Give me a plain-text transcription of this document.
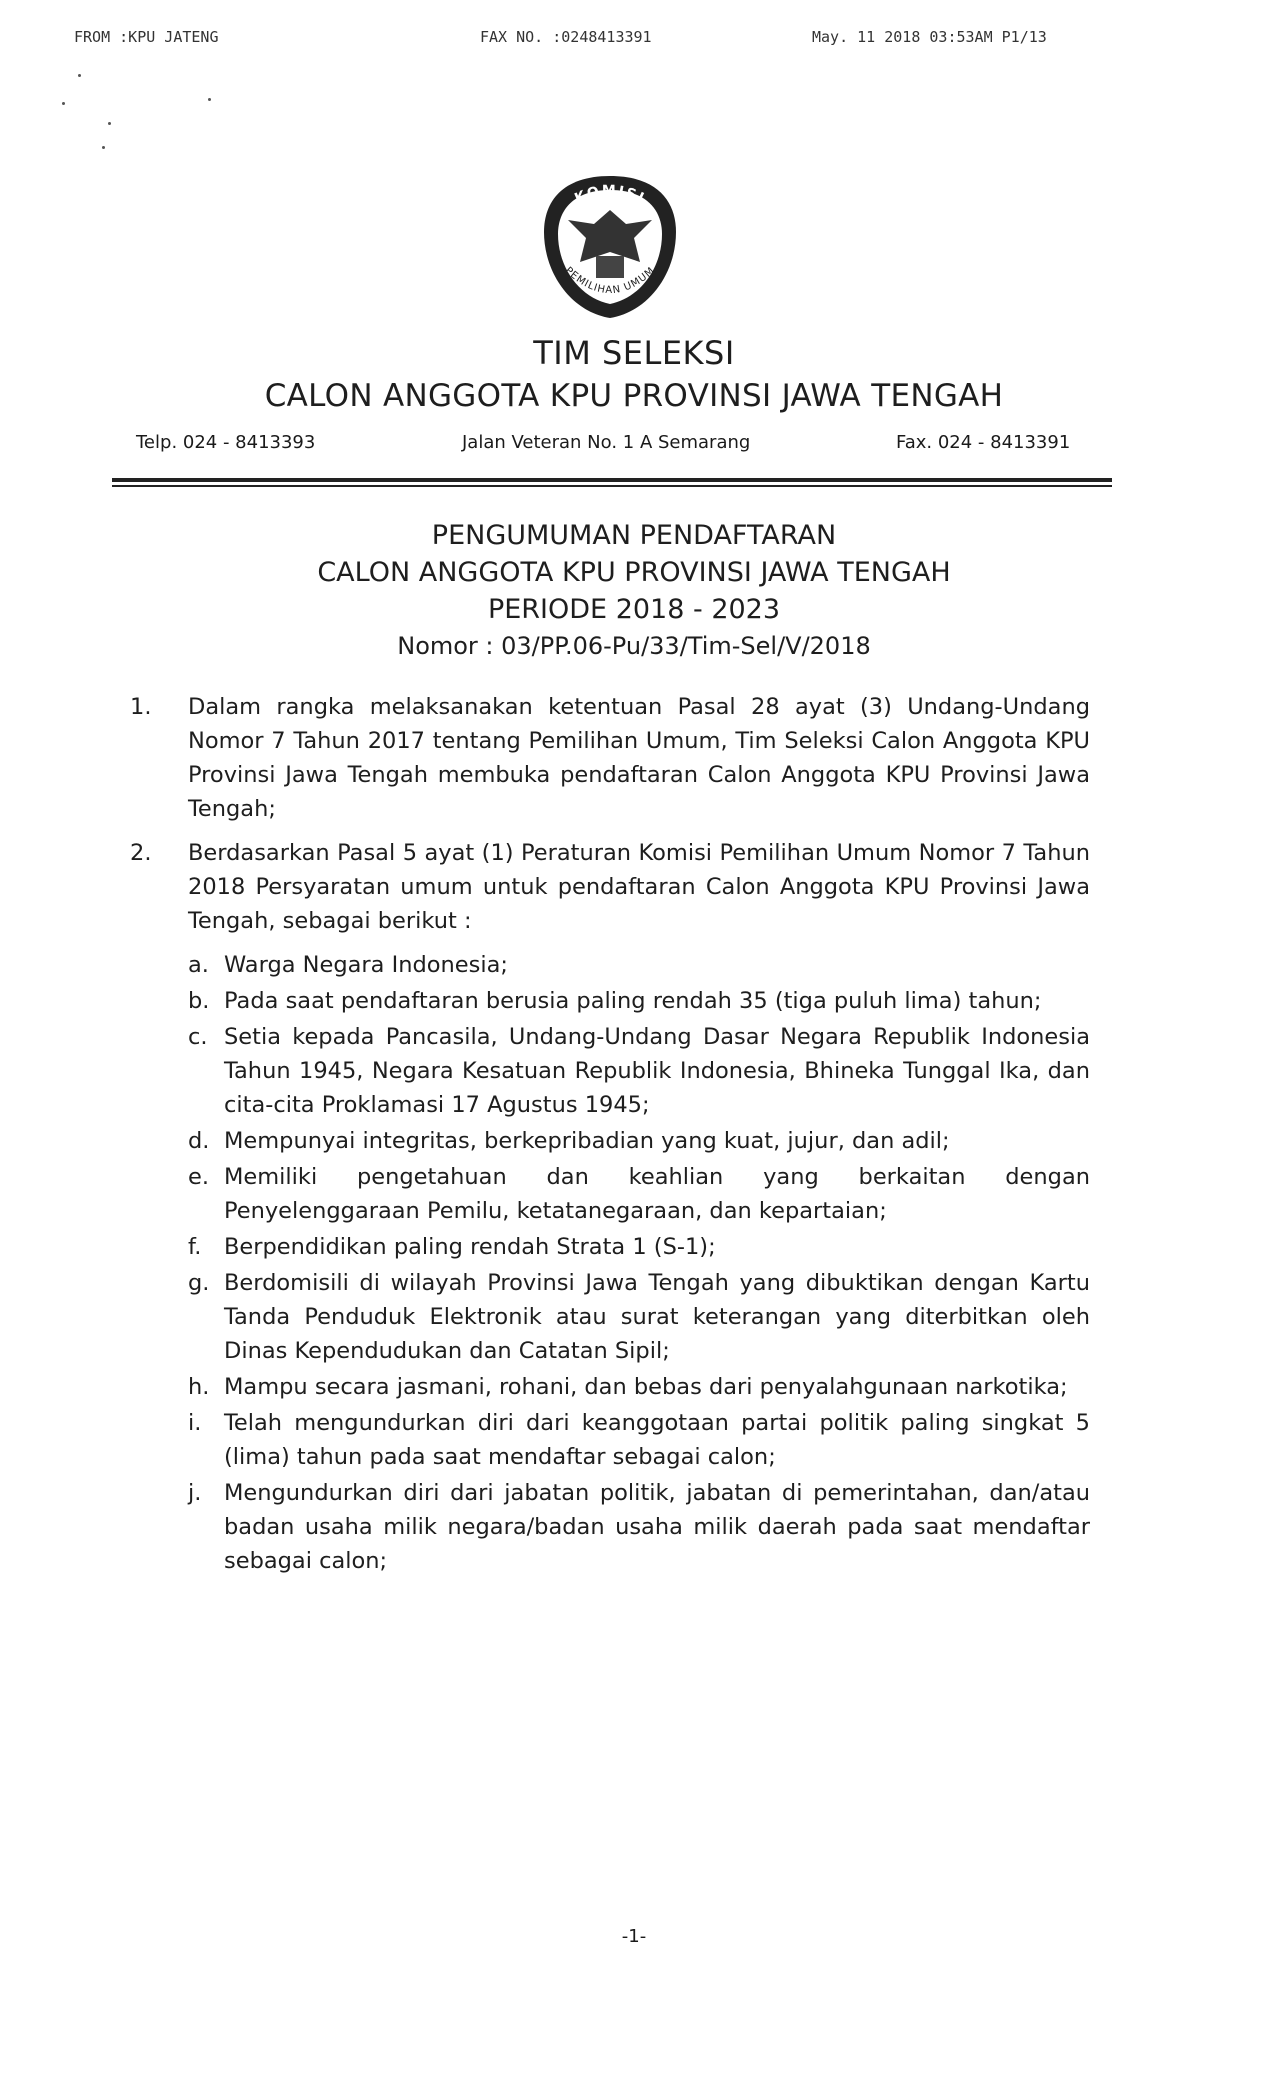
FROM :KPU JATENG	FAX NO. :0248413391	May. 11 2018 03:53AM P1/13
KOMISI
PEMILIHAN UMUM
TIM SELEKSI
CALON ANGGOTA KPU PROVINSI JAWA TENGAH
Telp. 024 - 8413393	Jalan Veteran No. 1 A Semarang	Fax. 024 - 8413391
PENGUMUMAN PENDAFTARAN
CALON ANGGOTA KPU PROVINSI JAWA TENGAH
PERIODE 2018 - 2023
Nomor : 03/PP.06-Pu/33/Tim-Sel/V/2018
1.	Dalam rangka melaksanakan ketentuan Pasal 28 ayat (3) Undang-Undang Nomor 7 Tahun 2017 tentang Pemilihan Umum, Tim Seleksi Calon Anggota KPU Provinsi Jawa Tengah membuka pendaftaran Calon Anggota KPU Provinsi Jawa Tengah;
2.	Berdasarkan Pasal 5 ayat (1) Peraturan Komisi Pemilihan Umum Nomor 7 Tahun 2018 Persyaratan umum untuk pendaftaran Calon Anggota KPU Provinsi Jawa Tengah, sebagai berikut :
a. Warga Negara Indonesia;
b. Pada saat pendaftaran berusia paling rendah 35 (tiga puluh lima) tahun;
c. Setia kepada Pancasila, Undang-Undang Dasar Negara Republik Indonesia Tahun 1945, Negara Kesatuan Republik Indonesia, Bhineka Tunggal Ika, dan cita-cita Proklamasi 17 Agustus 1945;
d. Mempunyai integritas, berkepribadian yang kuat, jujur, dan adil;
e. Memiliki pengetahuan dan keahlian yang berkaitan dengan Penyelenggaraan Pemilu, ketatanegaraan, dan kepartaian;
f.	Berpendidikan paling rendah Strata 1 (S-1);
g. Berdomisili di wilayah Provinsi Jawa Tengah yang dibuktikan dengan Kartu Tanda Penduduk Elektronik atau surat keterangan yang diterbitkan oleh Dinas Kependudukan dan Catatan Sipil;
h. Mampu secara jasmani, rohani, dan bebas dari penyalahgunaan narkotika;
i.	Telah mengundurkan diri dari keanggotaan partai politik paling singkat 5 (lima) tahun pada saat mendaftar sebagai calon;
j.	Mengundurkan diri dari jabatan politik, jabatan di pemerintahan, dan/atau badan usaha milik negara/badan usaha milik daerah pada saat mendaftar sebagai calon;
-1-
